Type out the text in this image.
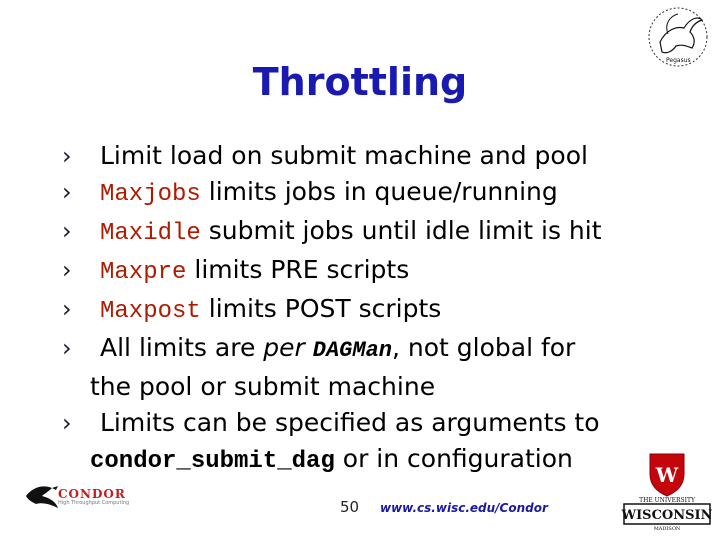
Pegasus
Throttling
›	Limit load on submit machine and pool
›	Maxjobs limits jobs in queue/running
›	Maxidle submit jobs until idle limit is hit
›	Maxpre limits PRE scripts
›	Maxpost limits POST scripts
›	All limits are per DAGMan, not global for
the pool or submit machine
›	Limits can be specified as arguments to
condor_submit_dag or in configuration
CONDOR
High Throughput Computing	50 www.cs.wisc.edu/Condor
W
THE UNIVERSITY
WISCONSIN
MADISON
